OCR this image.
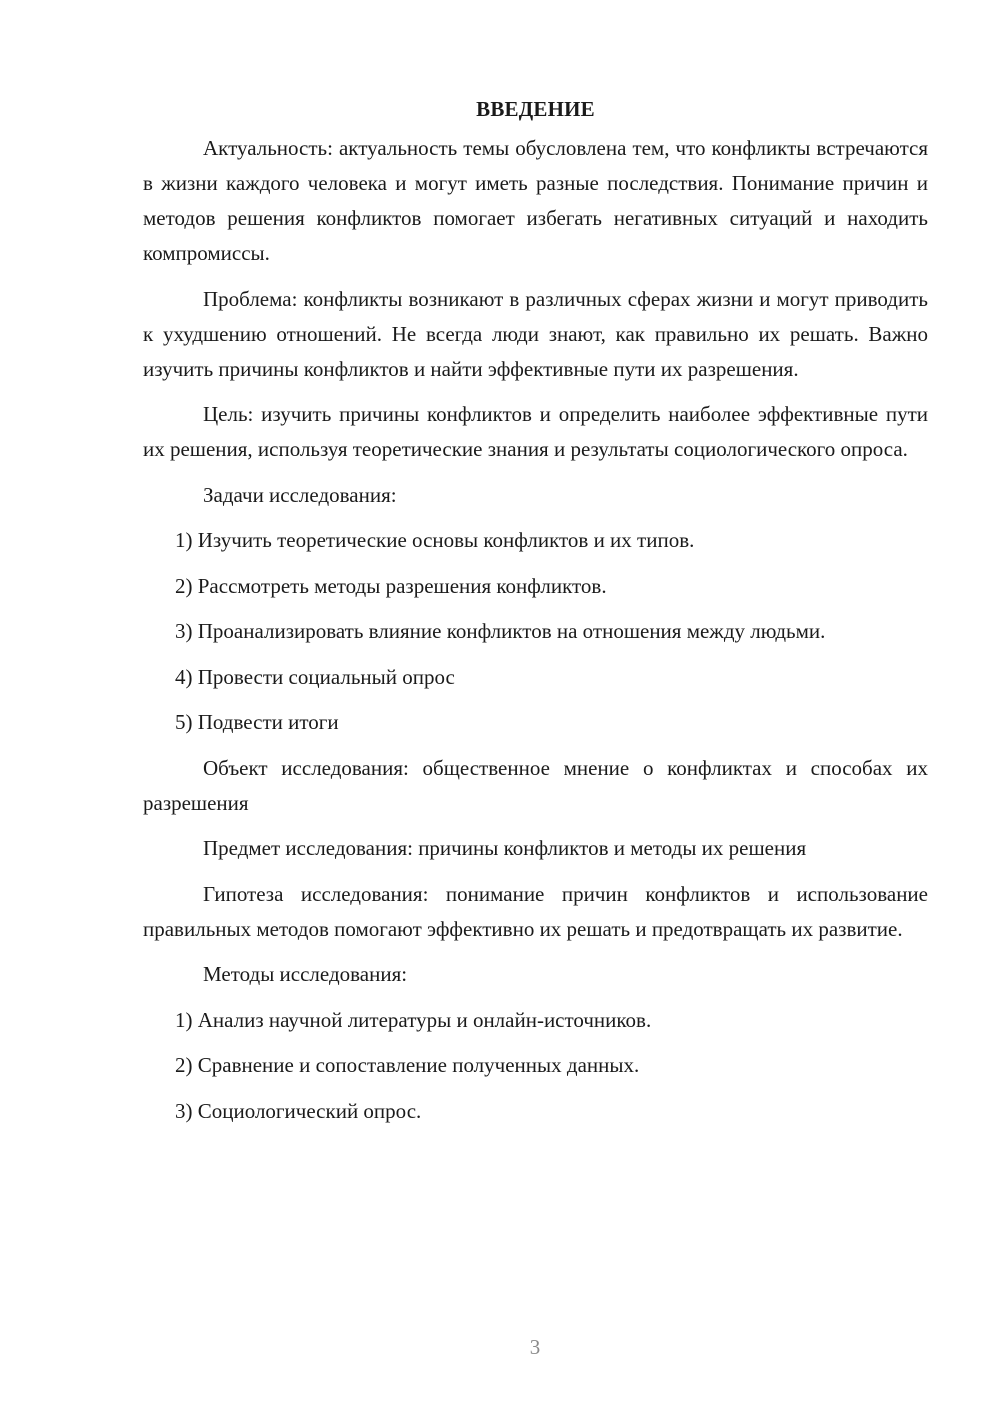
ВВЕДЕНИЕ

Актуальность: актуальность темы обусловлена тем, что конфликты встречаются в жизни каждого человека и могут иметь разные последствия. Понимание причин и методов решения конфликтов помогает избегать негативных ситуаций и находить компромиссы.

Проблема: конфликты возникают в различных сферах жизни и могут приводить к ухудшению отношений. Не всегда люди знают, как правильно их решать. Важно изучить причины конфликтов и найти эффективные пути их разрешения.

Цель: изучить причины конфликтов и определить наиболее эффективные пути их решения, используя теоретические знания и результаты социологического опроса.

Задачи исследования:

1) Изучить теоретические основы конфликтов и их типов.

2) Рассмотреть методы разрешения конфликтов.

3) Проанализировать влияние конфликтов на отношения между людьми.

4) Провести социальный опрос

5) Подвести итоги

Объект исследования: общественное мнение о конфликтах и способах их разрешения

Предмет исследования: причины конфликтов и методы их решения

Гипотеза исследования: понимание причин конфликтов и использование правильных методов помогают эффективно их решать и предотвращать их развитие.

Методы исследования:

1) Анализ научной литературы и онлайн-источников.

2) Сравнение и сопоставление полученных данных.

3) Социологический опрос.

3
